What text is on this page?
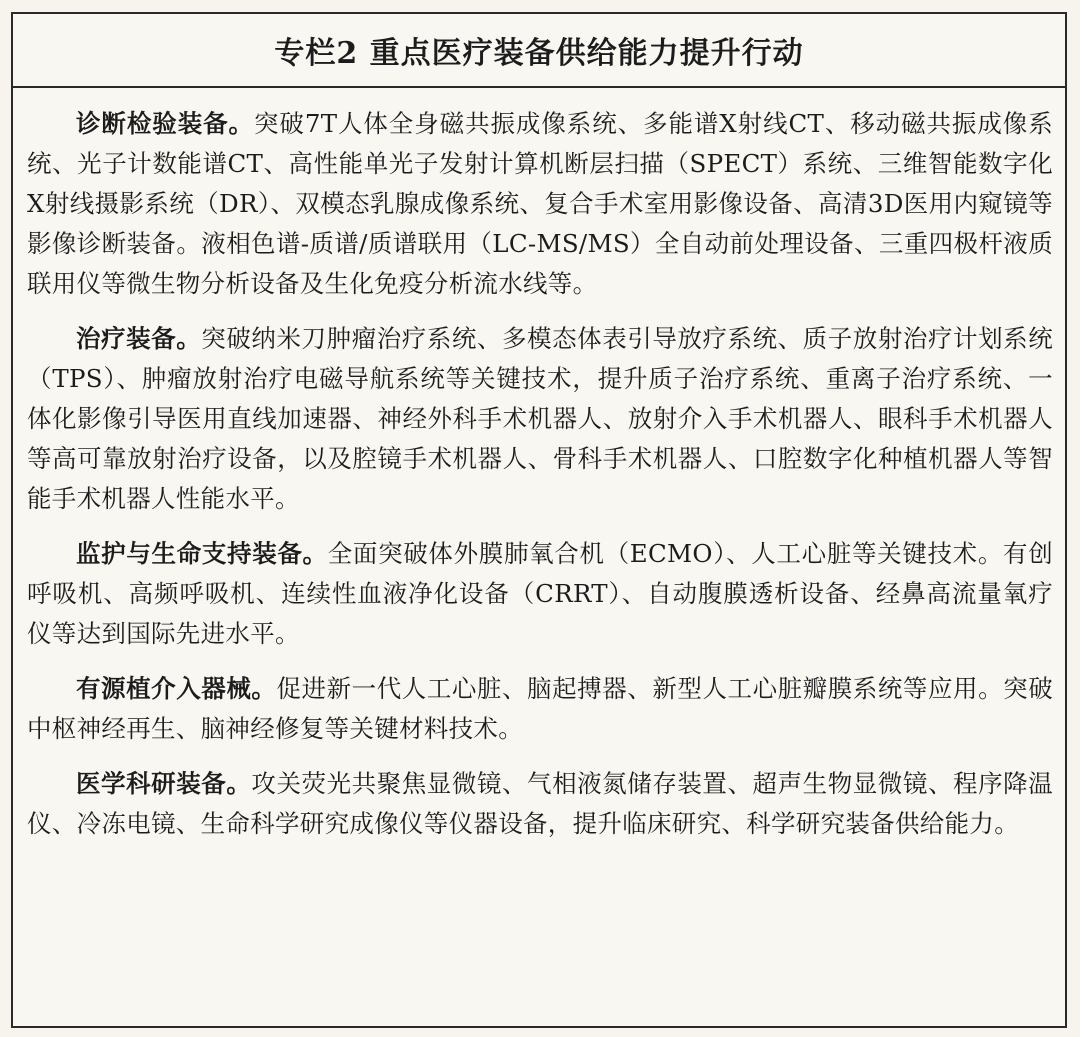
专栏2 重点医疗装备供给能力提升行动

诊断检验装备。突破7T人体全身磁共振成像系统、多能谱X射线CT、移动磁共振成像系统、光子计数能谱CT、高性能单光子发射计算机断层扫描（SPECT）系统、三维智能数字化X射线摄影系统（DR）、双模态乳腺成像系统、复合手术室用影像设备、高清3D医用内窥镜等影像诊断装备。液相色谱-质谱/质谱联用（LC-MS/MS）全自动前处理设备、三重四极杆液质联用仪等微生物分析设备及生化免疫分析流水线等。

治疗装备。突破纳米刀肿瘤治疗系统、多模态体表引导放疗系统、质子放射治疗计划系统（TPS）、肿瘤放射治疗电磁导航系统等关键技术，提升质子治疗系统、重离子治疗系统、一体化影像引导医用直线加速器、神经外科手术机器人、放射介入手术机器人、眼科手术机器人等高可靠放射治疗设备，以及腔镜手术机器人、骨科手术机器人、口腔数字化种植机器人等智能手术机器人性能水平。

监护与生命支持装备。全面突破体外膜肺氧合机（ECMO）、人工心脏等关键技术。有创呼吸机、高频呼吸机、连续性血液净化设备（CRRT）、自动腹膜透析设备、经鼻高流量氧疗仪等达到国际先进水平。

有源植介入器械。促进新一代人工心脏、脑起搏器、新型人工心脏瓣膜系统等应用。突破中枢神经再生、脑神经修复等关键材料技术。

医学科研装备。攻关荧光共聚焦显微镜、气相液氮储存装置、超声生物显微镜、程序降温仪、冷冻电镜、生命科学研究成像仪等仪器设备，提升临床研究、科学研究装备供给能力。
